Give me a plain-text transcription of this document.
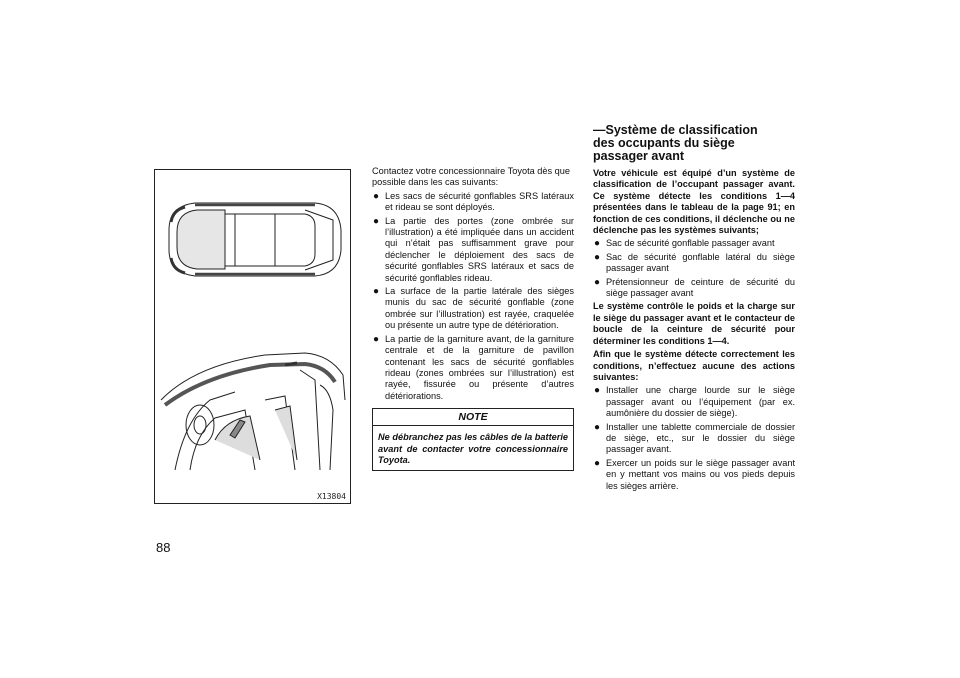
X13804

Contactez votre concessionnaire Toyota dès que possible dans les cas suivants:

● Les sacs de sécurité gonflables SRS latéraux et rideau se sont déployés.
● La partie des portes (zone ombrée sur l’illustration) a été impliquée dans un accident qui n’était pas suffisamment grave pour déclencher le déploiement des sacs de sécurité gonflables SRS latéraux et sacs de sécurité gonflables rideau.
● La surface de la partie latérale des sièges munis du sac de sécurité gonflable (zone ombrée sur l’illustration) est rayée, craquelée ou présente un autre type de détérioration.
● La partie de la garniture avant, de la garniture centrale et de la garniture de pavillon contenant les sacs de sécurité gonflables rideau (zones ombrées sur l’illustration) est rayée, fissurée ou présente d’autres détériorations.
NOTE
Ne débranchez pas les câbles de la batterie avant de contacter votre concessionnaire Toyota.
—Système de classification
des occupants du siège
passager avant

Votre véhicule est équipé d’un système de classification de l’occupant passager avant. Ce système détecte les conditions 1—4 présentées dans le tableau de la page 91; en fonction de ces conditions, il déclenche ou ne déclenche pas les systèmes suivants;

● Sac de sécurité gonflable passager avant
● Sac de sécurité gonflable latéral du siège passager avant
● Prétensionneur de ceinture de sécurité du siège passager avant

Le système contrôle le poids et la charge sur le siège du passager avant et le contacteur de boucle de la ceinture de sécurité pour déterminer les conditions 1—4.

Afin que le système détecte correctement les conditions, n’effectuez aucune des actions suivantes:

● Installer une charge lourde sur le siège passager avant ou l’équipement (par ex. aumônière du dossier de siège).
● Installer une tablette commerciale de dossier de siège, etc., sur le dossier du siège passager avant.
● Exercer un poids sur le siège passager avant en y mettant vos mains ou vos pieds depuis les sièges arrière.
88
